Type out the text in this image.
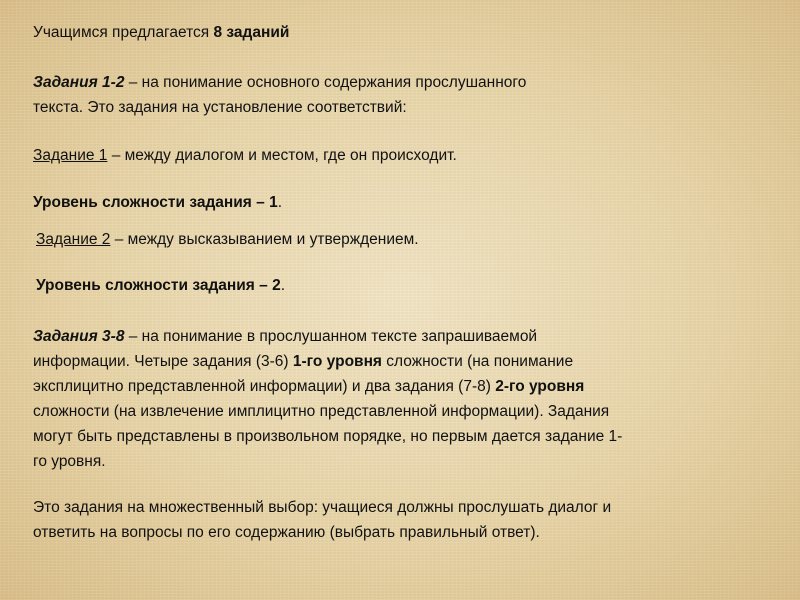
Учащимся предлагается 8 заданий
Задания 1-2 – на понимание основного содержания прослушанного
текста. Это задания на установление соответствий:
Задание 1 – между диалогом и местом, где он происходит.
Уровень сложности задания – 1.
Задание 2 – между высказыванием и утверждением.
Уровень сложности задания – 2.
Задания 3-8 – на понимание в прослушанном тексте запрашиваемой
информации. Четыре задания (3-6) 1-го уровня сложности (на понимание
эксплицитно представленной информации) и два задания (7-8) 2-го уровня
сложности (на извлечение имплицитно представленной информации). Задания
могут быть представлены в произвольном порядке, но первым дается задание 1-
го уровня.
Это задания на множественный выбор: учащиеся должны прослушать диалог и
ответить на вопросы по его содержанию (выбрать правильный ответ).
